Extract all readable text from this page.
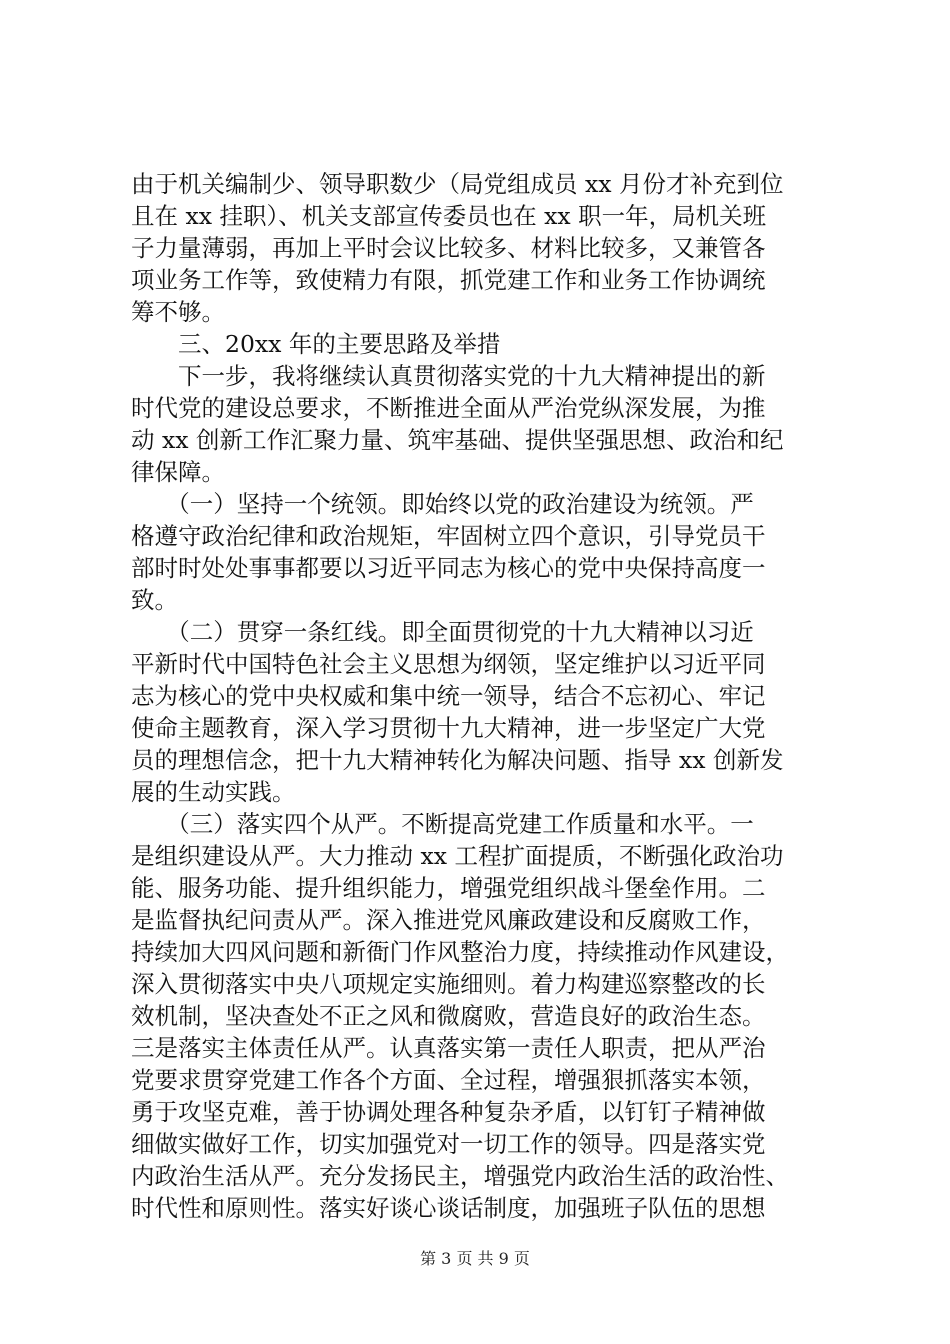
由于机关编制少、领导职数少（局党组成员 xx 月份才补充到位
且在 xx 挂职）、机关支部宣传委员也在 xx 职一年，局机关班
子力量薄弱，再加上平时会议比较多、材料比较多，又兼管各
项业务工作等，致使精力有限，抓党建工作和业务工作协调统
筹不够。
　　三、20xx 年的主要思路及举措
　　下一步，我将继续认真贯彻落实党的十九大精神提出的新
时代党的建设总要求，不断推进全面从严治党纵深发展，为推
动 xx 创新工作汇聚力量、筑牢基础、提供坚强思想、政治和纪
律保障。
　　（一）坚持一个统领。即始终以党的政治建设为统领。严
格遵守政治纪律和政治规矩，牢固树立四个意识，引导党员干
部时时处处事事都要以习近平同志为核心的党中央保持高度一
致。
　　（二）贯穿一条红线。即全面贯彻党的十九大精神以习近
平新时代中国特色社会主义思想为纲领，坚定维护以习近平同
志为核心的党中央权威和集中统一领导，结合不忘初心、牢记
使命主题教育，深入学习贯彻十九大精神，进一步坚定广大党
员的理想信念，把十九大精神转化为解决问题、指导 xx 创新发
展的生动实践。
　　（三）落实四个从严。不断提高党建工作质量和水平。一
是组织建设从严。大力推动 xx 工程扩面提质，不断强化政治功
能、服务功能、提升组织能力，增强党组织战斗堡垒作用。二
是监督执纪问责从严。深入推进党风廉政建设和反腐败工作，
持续加大四风问题和新衙门作风整治力度，持续推动作风建设，
深入贯彻落实中央八项规定实施细则。着力构建巡察整改的长
效机制，坚决查处不正之风和微腐败，营造良好的政治生态。
三是落实主体责任从严。认真落实第一责任人职责，把从严治
党要求贯穿党建工作各个方面、全过程，增强狠抓落实本领，
勇于攻坚克难，善于协调处理各种复杂矛盾，以钉钉子精神做
细做实做好工作，切实加强党对一切工作的领导。四是落实党
内政治生活从严。充分发扬民主，增强党内政治生活的政治性、
时代性和原则性。落实好谈心谈话制度，加强班子队伍的思想
第 3 页 共 9 页
